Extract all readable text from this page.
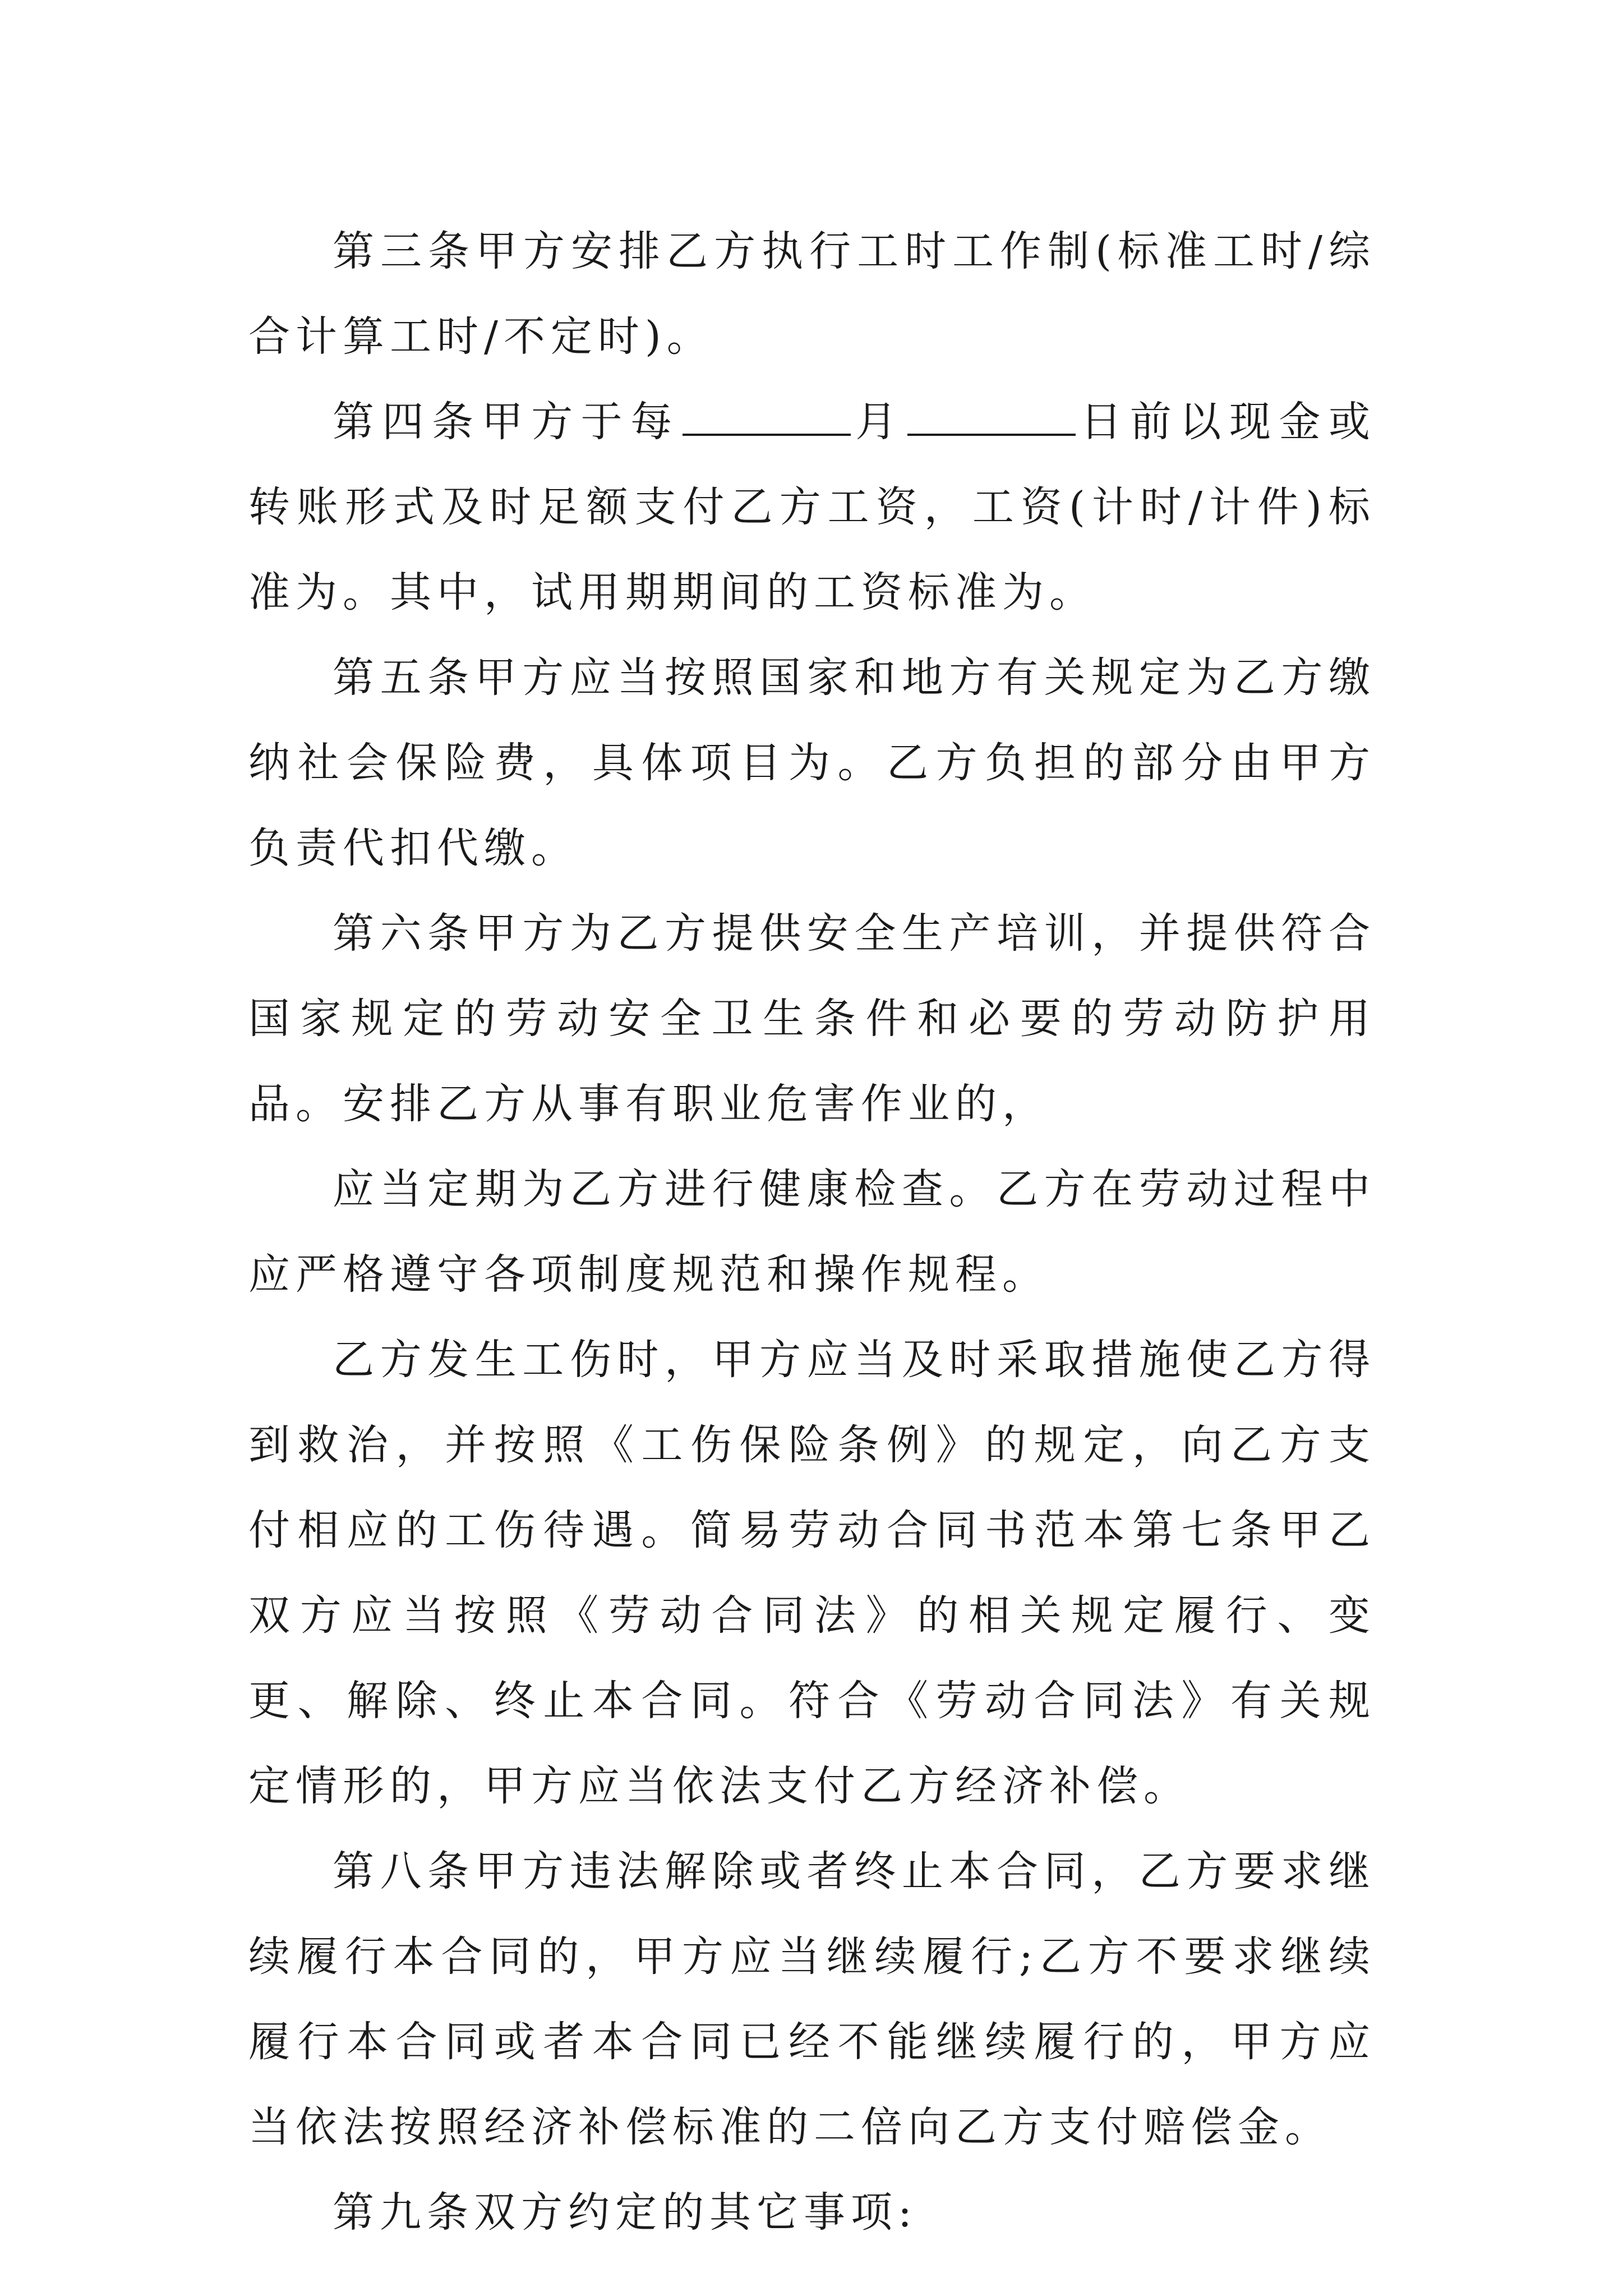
第三条甲方安排乙方执行工时工作制(标准工时/综合计算工时/不定时)。

第四条甲方于每	月	日前以现金或转账形式及时足额支付乙方工资，工资(计时/计件)标准为。其中，试用期期间的工资标准为。

第五条甲方应当按照国家和地方有关规定为乙方缴纳社会保险费，具体项目为。乙方负担的部分由甲方负责代扣代缴。

第六条甲方为乙方提供安全生产培训，并提供符合国家规定的劳动安全卫生条件和必要的劳动防护用品。安排乙方从事有职业危害作业的，

应当定期为乙方进行健康检查。乙方在劳动过程中应严格遵守各项制度规范和操作规程。

乙方发生工伤时，甲方应当及时采取措施使乙方得到救治，并按照《工伤保险条例》的规定，向乙方支付相应的工伤待遇。简易劳动合同书范本第七条甲乙双方应当按照《劳动合同法》的相关规定履行、变更、解除、终止本合同。符合《劳动合同法》有关规定情形的，甲方应当依法支付乙方经济补偿。

第八条甲方违法解除或者终止本合同，乙方要求继续履行本合同的，甲方应当继续履行;乙方不要求继续履行本合同或者本合同已经不能继续履行的，甲方应当依法按照经济补偿标准的二倍向乙方支付赔偿金。

第九条双方约定的其它事项:
